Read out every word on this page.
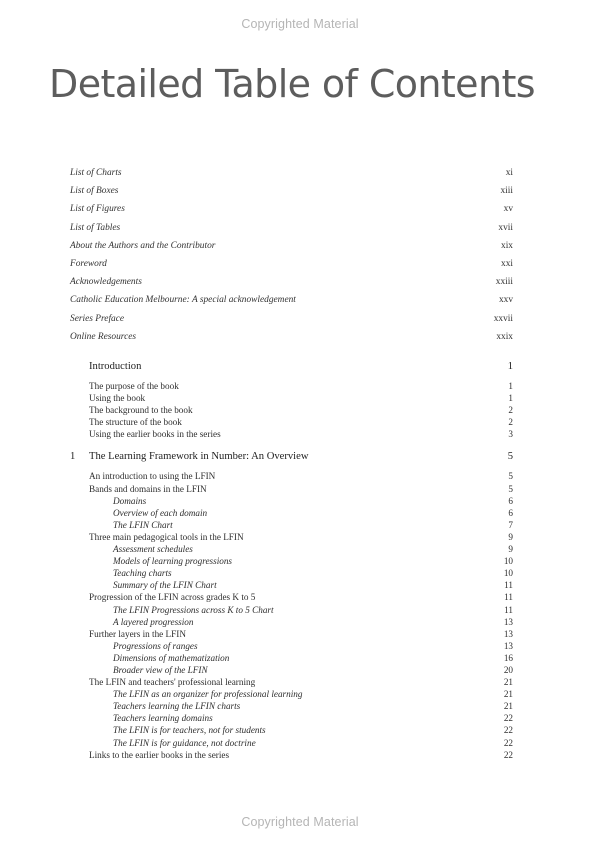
Copyrighted Material
Detailed Table of Contents
List of Charts	xi
List of Boxes	xiii
List of Figures	xv
List of Tables	xvii
About the Authors and the Contributor	xix
Foreword	xxi
Acknowledgements	xxiii
Catholic Education Melbourne: A special acknowledgement	xxv
Series Preface	xxvii
Online Resources	xxix
Introduction	1
The purpose of the book	1
Using the book	1
The background to the book	2
The structure of the book	2
Using the earlier books in the series	3
1	The Learning Framework in Number: An Overview	5
An introduction to using the LFIN	5
Bands and domains in the LFIN	5
Domains	6
Overview of each domain	6
The LFIN Chart	7
Three main pedagogical tools in the LFIN	9
Assessment schedules	9
Models of learning progressions	10
Teaching charts	10
Summary of the LFIN Chart	11
Progression of the LFIN across grades K to 5	11
The LFIN Progressions across K to 5 Chart	11
A layered progression	13
Further layers in the LFIN	13
Progressions of ranges	13
Dimensions of mathematization	16
Broader view of the LFIN	20
The LFIN and teachers' professional learning	21
The LFIN as an organizer for professional learning	21
Teachers learning the LFIN charts	21
Teachers learning domains	22
The LFIN is for teachers, not for students	22
The LFIN is for guidance, not doctrine	22
Links to the earlier books in the series	22
Copyrighted Material
